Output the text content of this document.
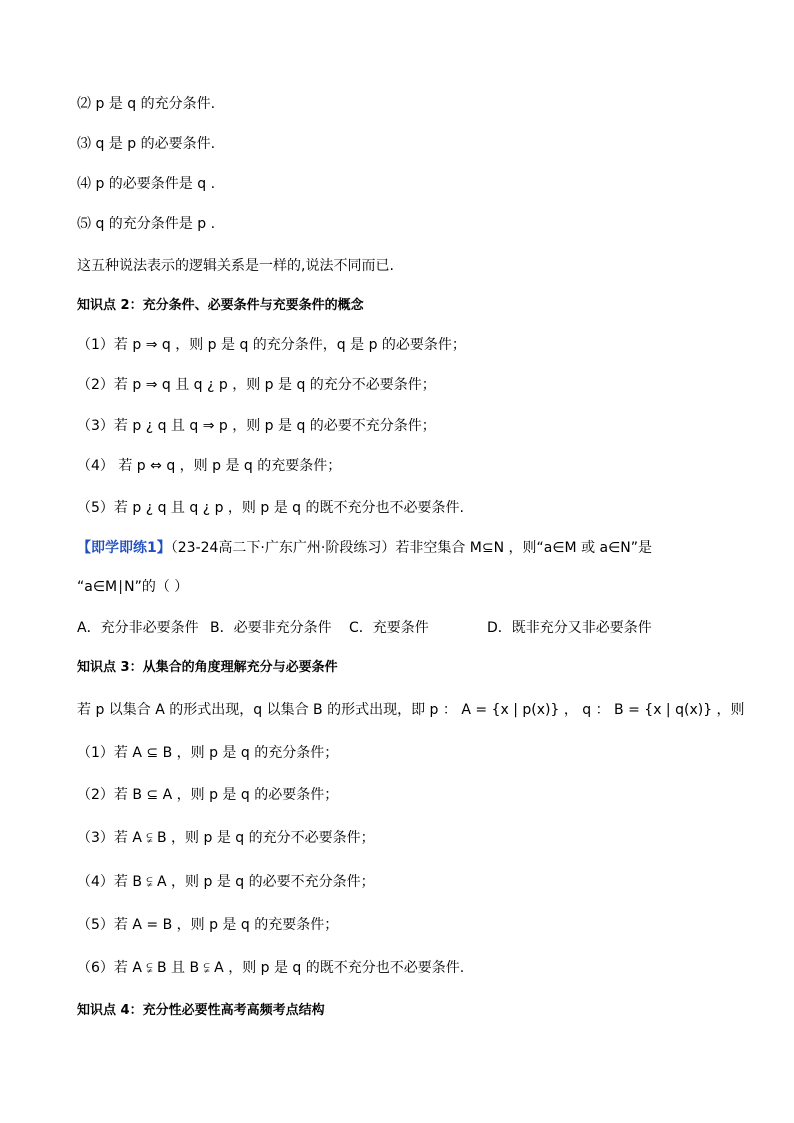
⑵ p 是 q 的充分条件.
⑶ q 是 p 的必要条件.
⑷ p 的必要条件是 q .
⑸ q 的充分条件是 p .
这五种说法表示的逻辑关系是一样的,说法不同而已.
知识点 2：充分条件、必要条件与充要条件的概念
（1）若 p ⇒ q ，则 p 是 q 的充分条件，q 是 p 的必要条件；
（2）若 p ⇒ q 且 q ¿ p ，则 p 是 q 的充分不必要条件；
（3）若 p ¿ q 且 q ⇒ p ，则 p 是 q 的必要不充分条件；
（4） 若 p ⇔ q ，则 p 是 q 的充要条件；
（5）若 p ¿ q 且 q ¿ p ，则 p 是 q 的既不充分也不必要条件.
【即学即练1】（23-24高二下·广东广州·阶段练习）若非空集合 M⊆N ，则“a∈M 或 a∈N”是
“a∈M∣N”的（ ）
A．充分非必要条件 B．必要非充分条件 C．充要条件	D．既非充分又非必要条件
知识点 3：从集合的角度理解充分与必要条件
若 p 以集合 A 的形式出现，q 以集合 B 的形式出现，即 p ： A = {x | p(x)} ， q ： B = {x | q(x)} ，则
（1）若 A ⊆ B ，则 p 是 q 的充分条件；
（2）若 B ⊆ A ，则 p 是 q 的必要条件；
（3）若 A ⫋ B ，则 p 是 q 的充分不必要条件；
（4）若 B ⫋ A ，则 p 是 q 的必要不充分条件；
（5）若 A = B ，则 p 是 q 的充要条件；
（6）若 A ⫋ B 且 B ⫋ A ，则 p 是 q 的既不充分也不必要条件.
知识点 4：充分性必要性高考高频考点结构
